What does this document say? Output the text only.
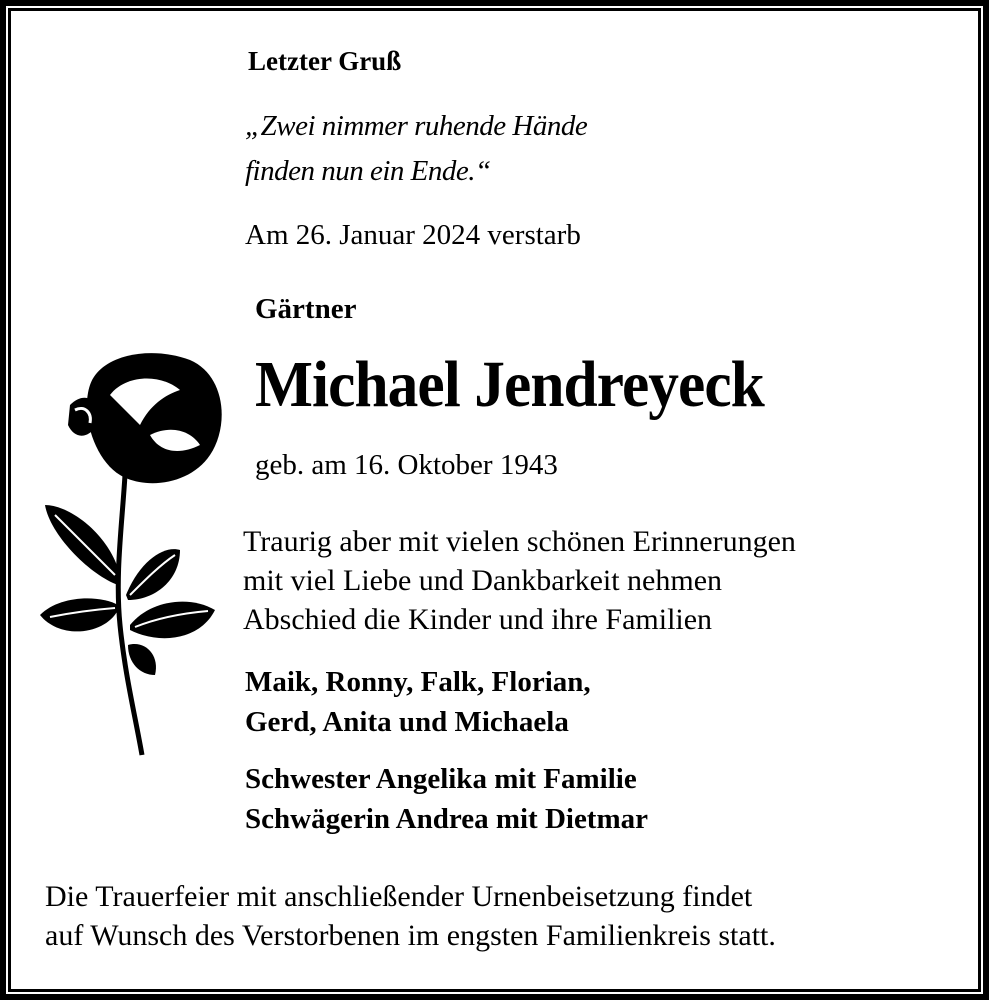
Letzter Gruß
„Zwei nimmer ruhende Hände
finden nun ein Ende.“
Am 26. Januar 2024 verstarb
Gärtner
Michael Jendreyeck
geb. am 16. Oktober 1943
Traurig aber mit vielen schönen Erinnerungen
mit viel Liebe und Dankbarkeit nehmen
Abschied die Kinder und ihre Familien
Maik, Ronny, Falk, Florian,
Gerd, Anita und Michaela
Schwester Angelika mit Familie
Schwägerin Andrea mit Dietmar
Die Trauerfeier mit anschließender Urnenbeisetzung findet
auf Wunsch des Verstorbenen im engsten Familienkreis statt.
